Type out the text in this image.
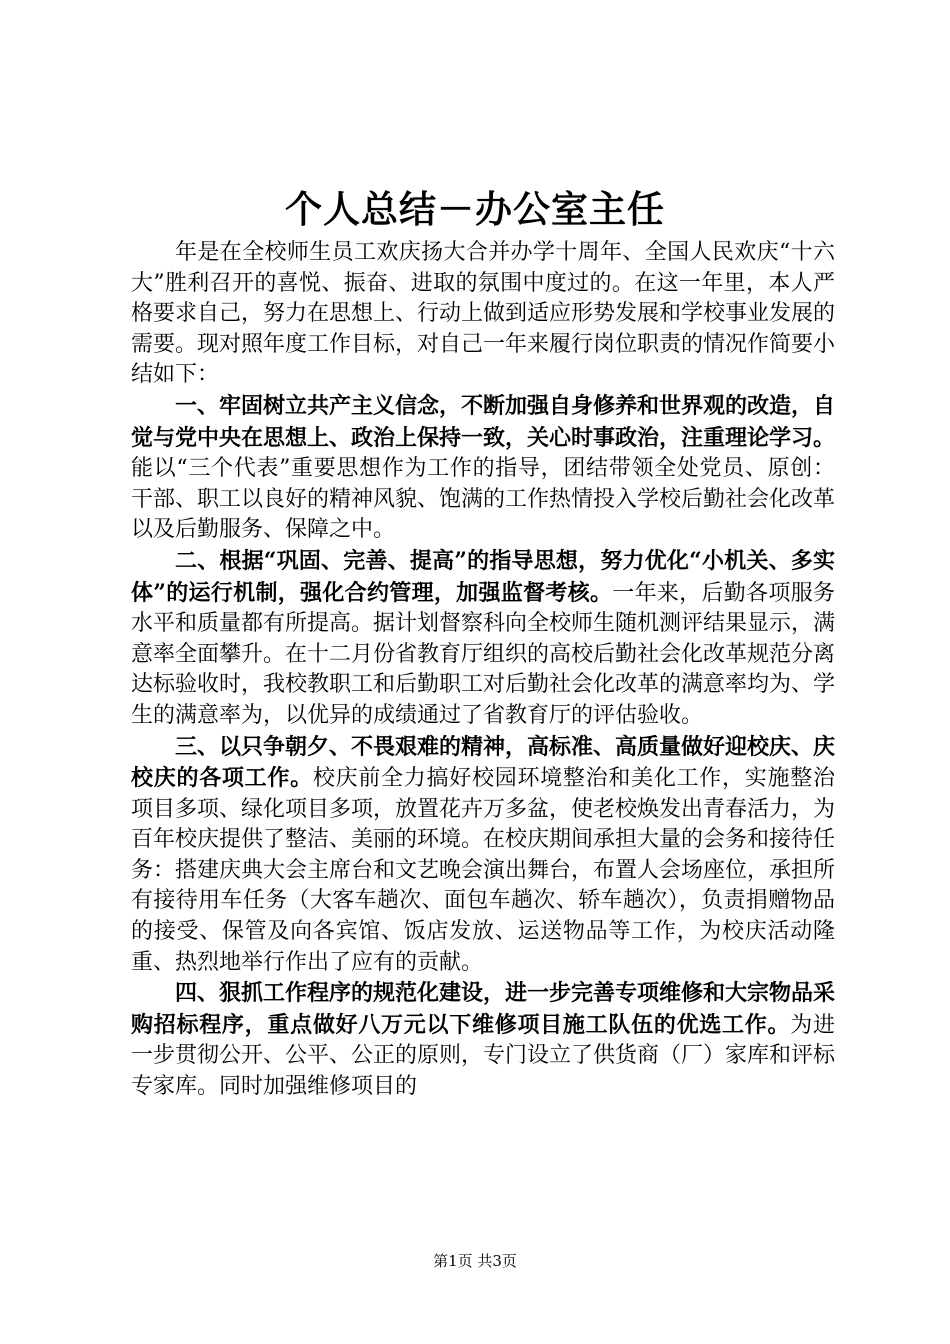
个人总结－办公室主任

年是在全校师生员工欢庆扬大合并办学十周年、全国人民欢庆“十六大”胜利召开的喜悦、振奋、进取的氛围中度过的。在这一年里，本人严格要求自己，努力在思想上、行动上做到适应形势发展和学校事业发展的需要。现对照年度工作目标，对自己一年来履行岗位职责的情况作简要小结如下：

一、牢固树立共产主义信念，不断加强自身修养和世界观的改造，自觉与党中央在思想上、政治上保持一致，关心时事政治，注重理论学习。能以“三个代表”重要思想作为工作的指导，团结带领全处党员、原创：干部、职工以良好的精神风貌、饱满的工作热情投入学校后勤社会化改革以及后勤服务、保障之中。

二、根据“巩固、完善、提高”的指导思想，努力优化“小机关、多实体”的运行机制，强化合约管理，加强监督考核。一年来，后勤各项服务水平和质量都有所提高。据计划督察科向全校师生随机测评结果显示，满意率全面攀升。在十二月份省教育厅组织的高校后勤社会化改革规范分离达标验收时，我校教职工和后勤职工对后勤社会化改革的满意率均为、学生的满意率为，以优异的成绩通过了省教育厅的评估验收。

三、以只争朝夕、不畏艰难的精神，高标准、高质量做好迎校庆、庆校庆的各项工作。校庆前全力搞好校园环境整治和美化工作，实施整治项目多项、绿化项目多项，放置花卉万多盆，使老校焕发出青春活力，为百年校庆提供了整洁、美丽的环境。在校庆期间承担大量的会务和接待任务：搭建庆典大会主席台和文艺晚会演出舞台，布置人会场座位，承担所有接待用车任务（大客车趟次、面包车趟次、轿车趟次），负责捐赠物品的接受、保管及向各宾馆、饭店发放、运送物品等工作，为校庆活动隆重、热烈地举行作出了应有的贡献。

四、狠抓工作程序的规范化建设，进一步完善专项维修和大宗物品采购招标程序，重点做好八万元以下维修项目施工队伍的优选工作。为进一步贯彻公开、公平、公正的原则，专门设立了供货商（厂）家库和评标专家库。同时加强维修项目的

第1页 共3页
